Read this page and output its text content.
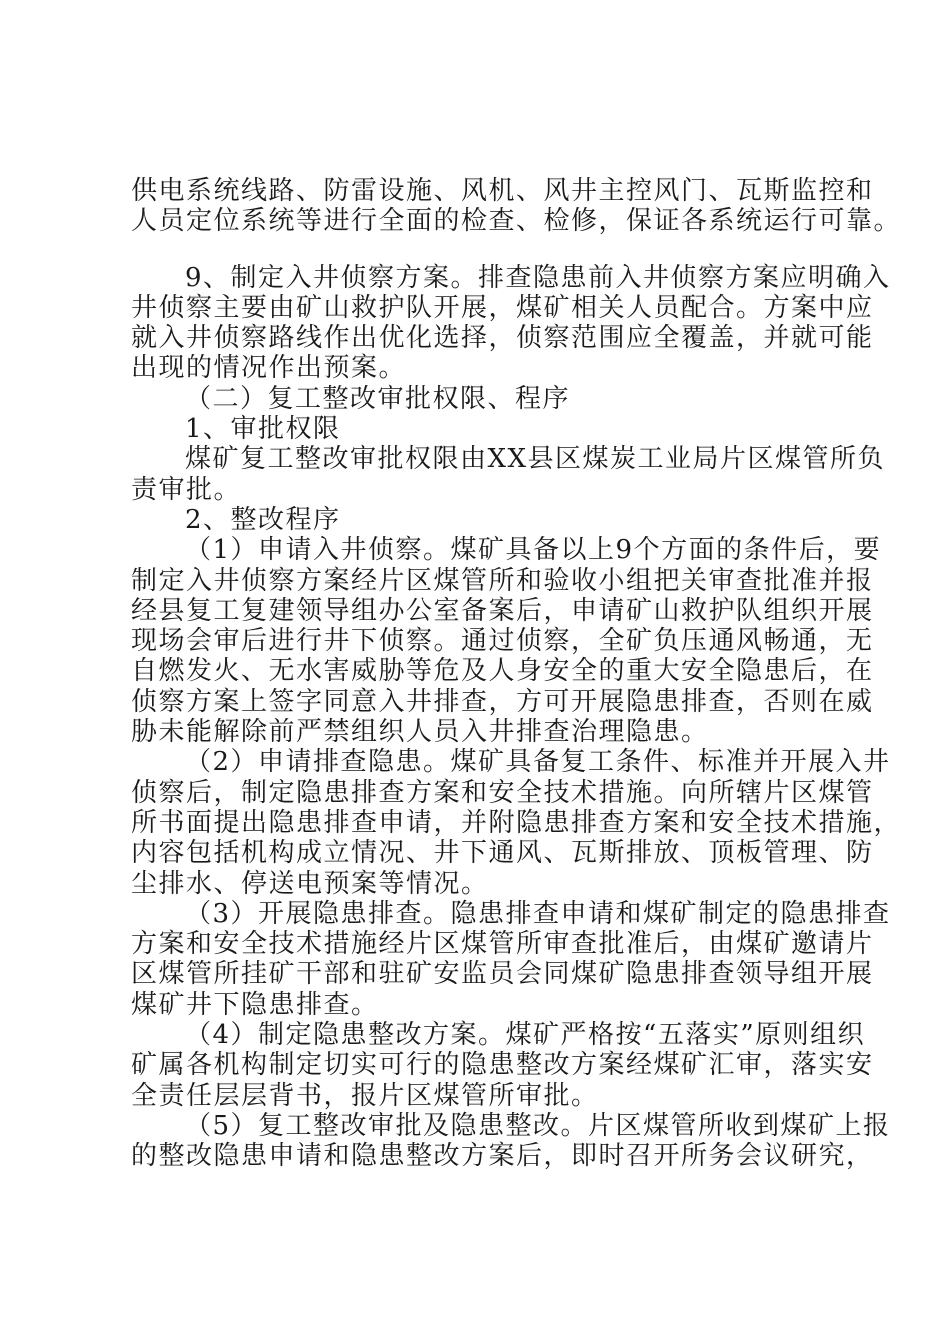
供电系统线路、防雷设施、风机、风井主控风门、瓦斯监控和
人员定位系统等进行全面的检查、检修，保证各系统运行可靠。
9、制定入井侦察方案。排查隐患前入井侦察方案应明确入
井侦察主要由矿山救护队开展，煤矿相关人员配合。方案中应
就入井侦察路线作出优化选择，侦察范围应全覆盖，并就可能
出现的情况作出预案。
（二）复工整改审批权限、程序
1、审批权限
煤矿复工整改审批权限由XX县区煤炭工业局片区煤管所负
责审批。
2、整改程序
（1）申请入井侦察。煤矿具备以上9个方面的条件后，要
制定入井侦察方案经片区煤管所和验收小组把关审查批准并报
经县复工复建领导组办公室备案后，申请矿山救护队组织开展
现场会审后进行井下侦察。通过侦察，全矿负压通风畅通，无
自燃发火、无水害威胁等危及人身安全的重大安全隐患后，在
侦察方案上签字同意入井排查，方可开展隐患排查，否则在威
胁未能解除前严禁组织人员入井排查治理隐患。
（2）申请排查隐患。煤矿具备复工条件、标准并开展入井
侦察后，制定隐患排查方案和安全技术措施。向所辖片区煤管
所书面提出隐患排查申请，并附隐患排查方案和安全技术措施，
内容包括机构成立情况、井下通风、瓦斯排放、顶板管理、防
尘排水、停送电预案等情况。
（3）开展隐患排查。隐患排查申请和煤矿制定的隐患排查
方案和安全技术措施经片区煤管所审查批准后，由煤矿邀请片
区煤管所挂矿干部和驻矿安监员会同煤矿隐患排查领导组开展
煤矿井下隐患排查。
（4）制定隐患整改方案。煤矿严格按“五落实”原则组织
矿属各机构制定切实可行的隐患整改方案经煤矿汇审，落实安
全责任层层背书，报片区煤管所审批。
（5）复工整改审批及隐患整改。片区煤管所收到煤矿上报
的整改隐患申请和隐患整改方案后，即时召开所务会议研究，
